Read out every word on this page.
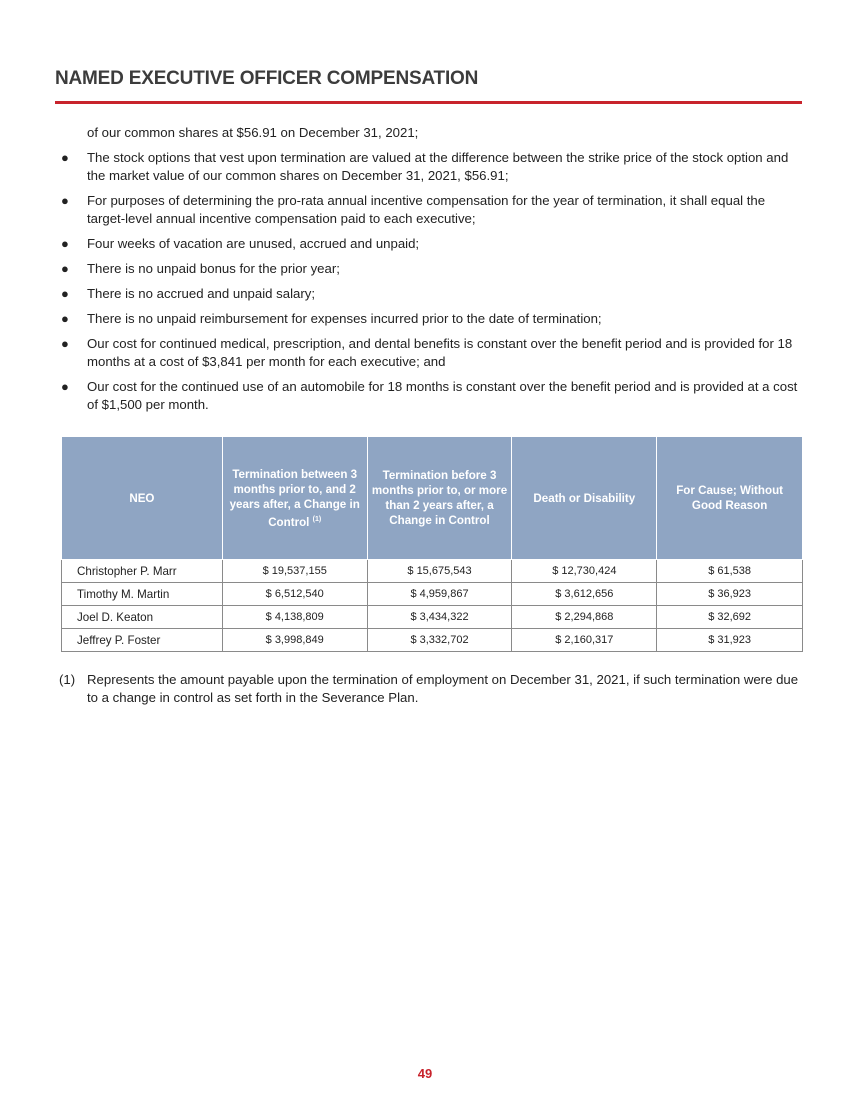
NAMED EXECUTIVE OFFICER COMPENSATION
of our common shares at $56.91 on December 31, 2021;
● The stock options that vest upon termination are valued at the difference between the strike price of the stock option and the market value of our common shares on December 31, 2021, $56.91;
● For purposes of determining the pro-rata annual incentive compensation for the year of termination, it shall equal the target-level annual incentive compensation paid to each executive;
● Four weeks of vacation are unused, accrued and unpaid;
● There is no unpaid bonus for the prior year;
● There is no accrued and unpaid salary;
● There is no unpaid reimbursement for expenses incurred prior to the date of termination;
● Our cost for continued medical, prescription, and dental benefits is constant over the benefit period and is provided for 18 months at a cost of $3,841 per month for each executive; and
● Our cost for the continued use of an automobile for 18 months is constant over the benefit period and is provided at a cost of $1,500 per month.
NEO	Termination between 3 months prior to, and 2 years after, a Change in Control $^{(1)}$	Termination before 3 months prior to, or more than 2 years after, a Change in Control	Death or Disability	For Cause; Without Good Reason
Christopher P. Marr	$ 19,537,155	$ 15,675,543	$ 12,730,424	$ 61,538
Timothy M. Martin	$ 6,512,540	$ 4,959,867	$ 3,612,656	$ 36,923
Joel D. Keaton	$ 4,138,809	$ 3,434,322	$ 2,294,868	$ 32,692
Jeffrey P. Foster	$ 3,998,849	$ 3,332,702	$ 2,160,317	$ 31,923
(1) Represents the amount payable upon the termination of employment on December 31, 2021, if such termination were due to a change in control as set forth in the Severance Plan.
49
